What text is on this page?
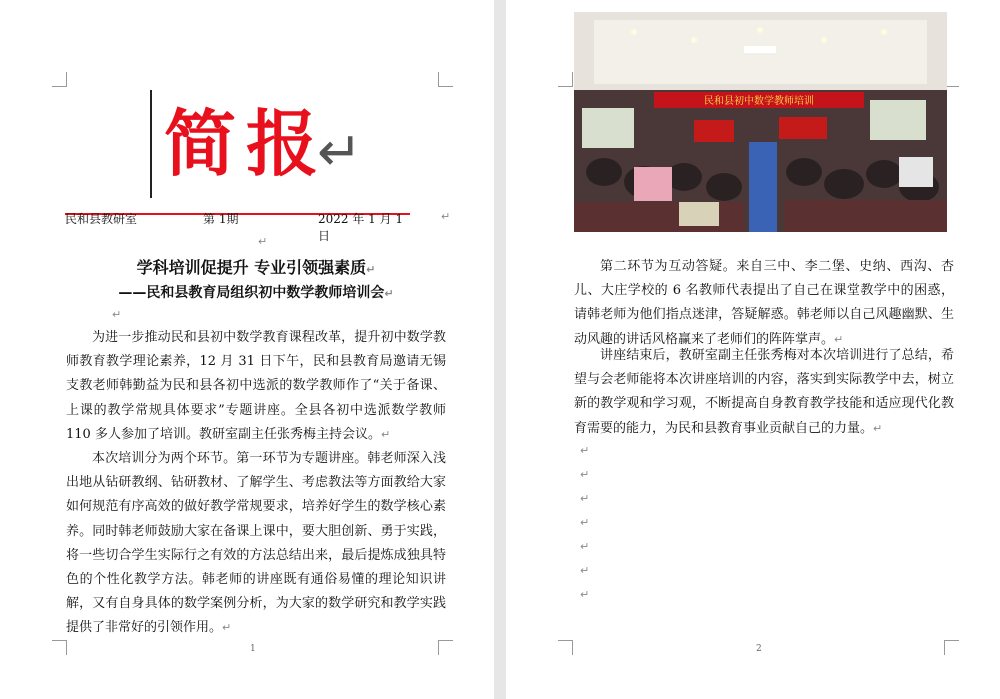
简报
↵
民和县教研室	第 1期	2022 年 1 月 1 日
↵
↵
学科培训促提升 专业引领强素质↵
——民和县教育局组织初中数学教师培训会↵
↵
为进一步推动民和县初中数学教育课程改革，提升初中数学教师教育教学理论素养，12 月 31 日下午，民和县教育局邀请无锡支教老师韩勤益为民和县各初中选派的数学教师作了“关于备课、上课的教学常规具体要求”专题讲座。全县各初中选派数学教师 110 多人参加了培训。教研室副主任张秀梅主持会议。↵
本次培训分为两个环节。第一环节为专题讲座。韩老师深入浅出地从钻研教纲、钻研教材、了解学生、考虑教法等方面教给大家如何规范有序高效的做好教学常规要求，培养好学生的数学核心素养。同时韩老师鼓励大家在备课上课中，要大胆创新、勇于实践，将一些切合学生实际行之有效的方法总结出来，最后提炼成独具特色的个性化教学方法。韩老师的讲座既有通俗易懂的理论知识讲解，又有自身具体的数学案例分析，为大家的数学研究和教学实践提供了非常好的引领作用。↵
1
第二环节为互动答疑。来自三中、李二堡、史纳、西沟、杏儿、大庄学校的 6 名教师代表提出了自己在课堂教学中的困惑，请韩老师为他们指点迷津，答疑解惑。韩老师以自己风趣幽默、生动风趣的讲话风格赢来了老师们的阵阵掌声。↵
讲座结束后，教研室副主任张秀梅对本次培训进行了总结，希望与会老师能将本次讲座培训的内容，落实到实际教学中去，树立新的教学观和学习观，不断提高自身教育教学技能和适应现代化教育需要的能力，为民和县教育事业贡献自己的力量。↵
↵
↵
↵
↵
↵
↵
↵
2
民和县初中数学教师培训
